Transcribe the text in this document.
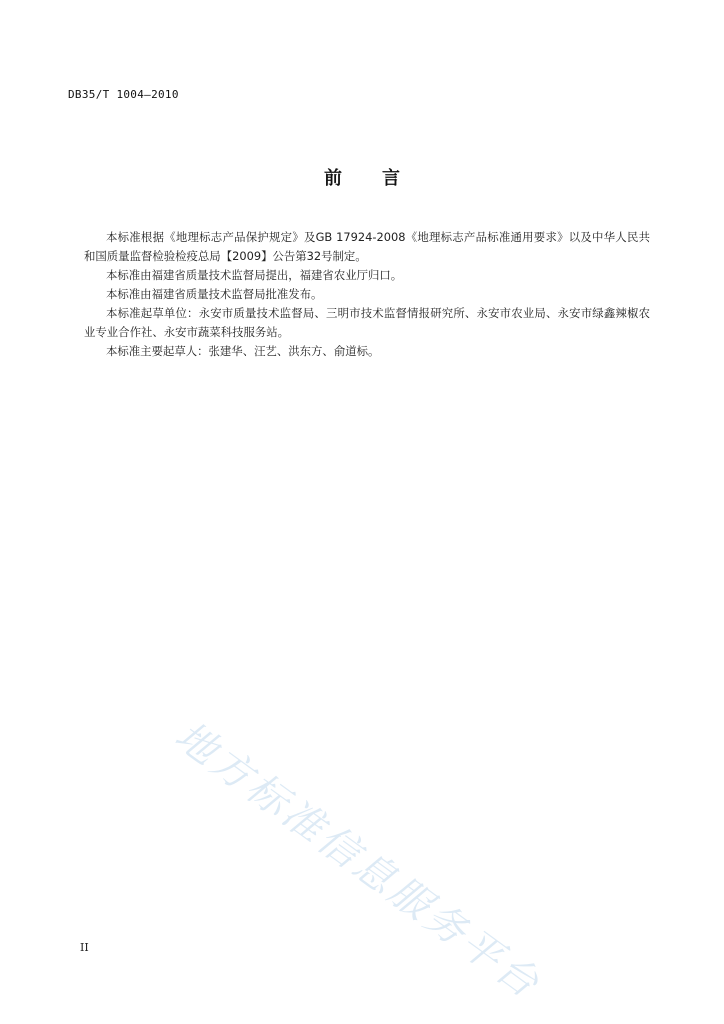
DB35/T 1004—2010
前 言

本标准根据《地理标志产品保护规定》及GB 17924-2008《地理标志产品标准通用要求》以及中华人民共和国质量监督检验检疫总局【2009】公告第32号制定。

本标准由福建省质量技术监督局提出，福建省农业厅归口。

本标准由福建省质量技术监督局批准发布。

本标准起草单位：永安市质量技术监督局、三明市技术监督情报研究所、永安市农业局、永安市绿鑫辣椒农业专业合作社、永安市蔬菜科技服务站。

本标准主要起草人：张建华、汪艺、洪东方、俞道标。

地方标准信息服务平台
II
